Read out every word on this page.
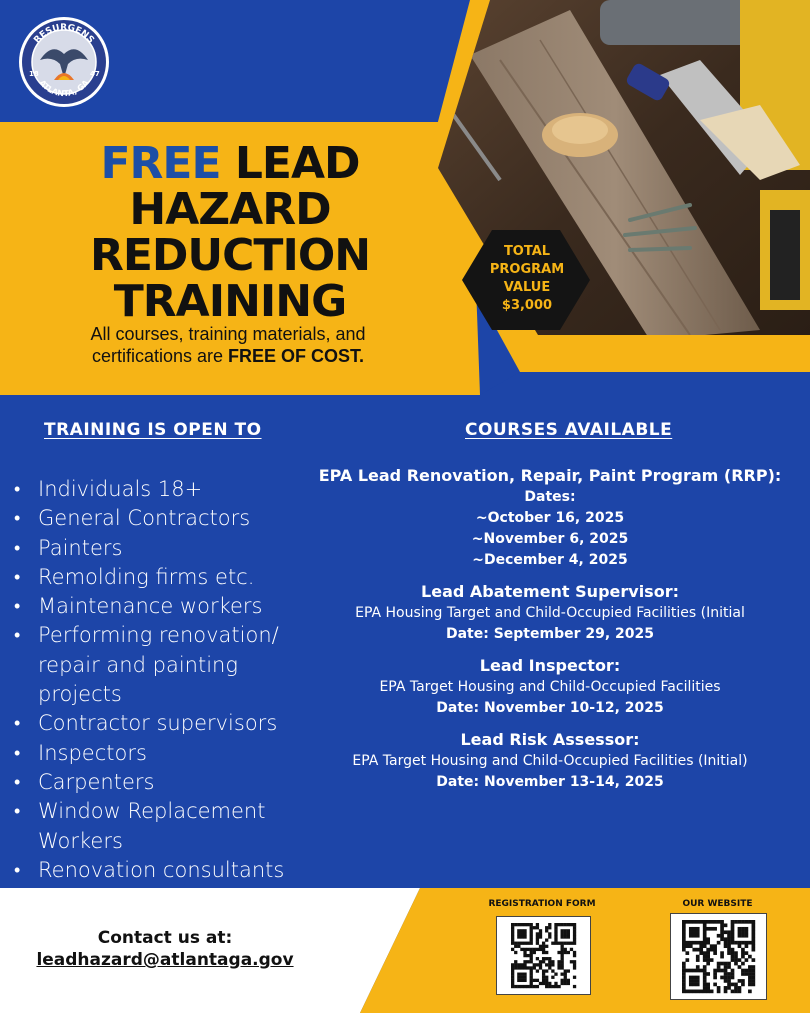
RESURGENS
ATLANTA, GA
18	47
FREE LEAD
HAZARD
REDUCTION
TRAINING
All courses, training materials, and
certifications are FREE OF COST.
TOTAL
PROGRAM
VALUE
$3,000
TRAINING IS OPEN TO
• Individuals 18+
• General Contractors
• Painters
• Remolding firms etc.
• Maintenance workers
• Performing renovation/ repair and painting projects
• Contractor supervisors
• Inspectors
• Carpenters
• Window Replacement Workers
• Renovation consultants
COURSES AVAILABLE
EPA Lead Renovation, Repair, Paint Program (RRP):
Dates:
~October 16, 2025
~November 6, 2025
~December 4, 2025
Lead Abatement Supervisor:
EPA Housing Target and Child-Occupied Facilities (Initial
Date: September 29, 2025
Lead Inspector:
EPA Target Housing and Child-Occupied Facilities
Date: November 10-12, 2025
Lead Risk Assessor:
EPA Target Housing and Child-Occupied Facilities (Initial)
Date: November 13-14, 2025
Contact us at:
leadhazard@atlantaga.gov
REGISTRATION FORM	OUR WEBSITE
